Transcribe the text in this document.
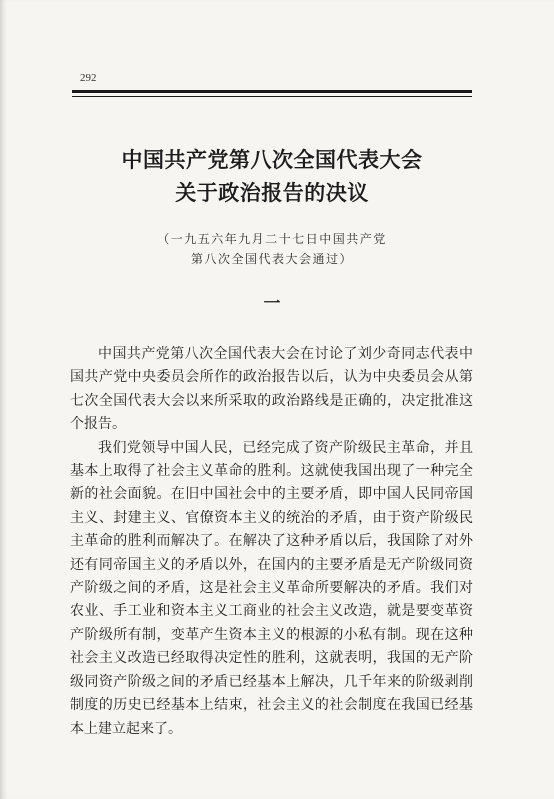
292
中国共产党第八次全国代表大会
关于政治报告的决议
（一九五六年九月二十七日中国共产党
第八次全国代表大会通过）
一

中国共产党第八次全国代表大会在讨论了刘少奇同志代表中国共产党中央委员会所作的政治报告以后，认为中央委员会从第七次全国代表大会以来所采取的政治路线是正确的，决定批准这个报告。

我们党领导中国人民，已经完成了资产阶级民主革命，并且基本上取得了社会主义革命的胜利。这就使我国出现了一种完全新的社会面貌。在旧中国社会中的主要矛盾，即中国人民同帝国主义、封建主义、官僚资本主义的统治的矛盾，由于资产阶级民主革命的胜利而解决了。在解决了这种矛盾以后，我国除了对外还有同帝国主义的矛盾以外，在国内的主要矛盾是无产阶级同资产阶级之间的矛盾，这是社会主义革命所要解决的矛盾。我们对农业、手工业和资本主义工商业的社会主义改造，就是要变革资产阶级所有制，变革产生资本主义的根源的小私有制。现在这种社会主义改造已经取得决定性的胜利，这就表明，我国的无产阶级同资产阶级之间的矛盾已经基本上解决，几千年来的阶级剥削制度的历史已经基本上结束，社会主义的社会制度在我国已经基本上建立起来了。
